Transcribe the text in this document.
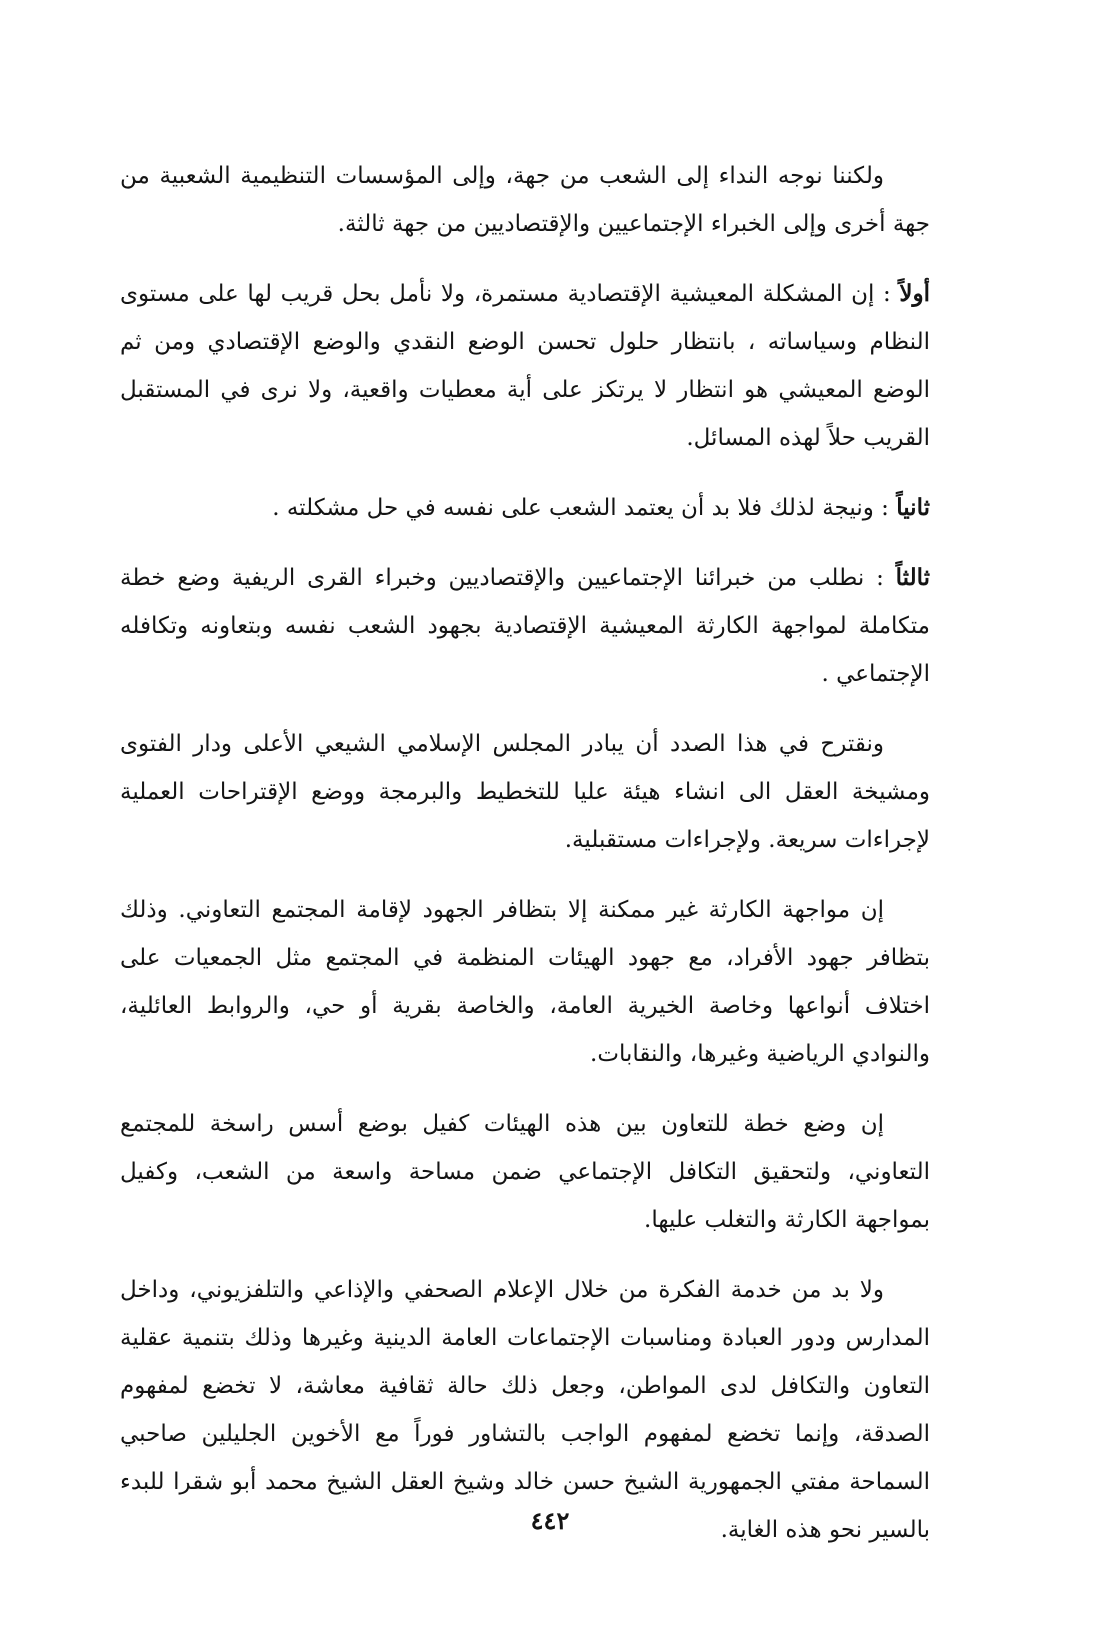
ولكننا نوجه النداء إلى الشعب من جهة، وإلى المؤسسات التنظيمية الشعبية من جهة أخرى وإلى الخبراء الإجتماعيين والإقتصاديين من جهة ثالثة.

أولاً : إن المشكلة المعيشية الإقتصادية مستمرة، ولا نأمل بحل قريب لها على مستوى النظام وسياساته ، بانتظار حلول تحسن الوضع النقدي والوضع الإقتصادي ومن ثم الوضع المعيشي هو انتظار لا يرتكز على أية معطيات واقعية، ولا نرى في المستقبل القريب حلاً لهذه المسائل.

ثانياً : ونيجة لذلك فلا بد أن يعتمد الشعب على نفسه في حل مشكلته .

ثالثاً : نطلب من خبرائنا الإجتماعيين والإقتصاديين وخبراء القرى الريفية وضع خطة متكاملة لمواجهة الكارثة المعيشية الإقتصادية بجهود الشعب نفسه وبتعاونه وتكافله الإجتماعي .

ونقترح في هذا الصدد أن يبادر المجلس الإسلامي الشيعي الأعلى ودار الفتوى ومشيخة العقل الى انشاء هيئة عليا للتخطيط والبرمجة ووضع الإقتراحات العملية لإجراءات سريعة. ولإجراءات مستقبلية.

إن مواجهة الكارثة غير ممكنة إلا بتظافر الجهود لإقامة المجتمع التعاوني. وذلك بتظافر جهود الأفراد، مع جهود الهيئات المنظمة في المجتمع مثل الجمعيات على اختلاف أنواعها وخاصة الخيرية العامة، والخاصة بقرية أو حي، والروابط العائلية، والنوادي الرياضية وغيرها، والنقابات.

إن وضع خطة للتعاون بين هذه الهيئات كفيل بوضع أسس راسخة للمجتمع التعاوني، ولتحقيق التكافل الإجتماعي ضمن مساحة واسعة من الشعب، وكفيل بمواجهة الكارثة والتغلب عليها.

ولا بد من خدمة الفكرة من خلال الإعلام الصحفي والإذاعي والتلفزيوني، وداخل المدارس ودور العبادة ومناسبات الإجتماعات العامة الدينية وغيرها وذلك بتنمية عقلية التعاون والتكافل لدى المواطن، وجعل ذلك حالة ثقافية معاشة، لا تخضع لمفهوم الصدقة، وإنما تخضع لمفهوم الواجب بالتشاور فوراً مع الأخوين الجليلين صاحبي السماحة مفتي الجمهورية الشيخ حسن خالد وشيخ العقل الشيخ محمد أبو شقرا للبدء بالسير نحو هذه الغاية.

٤٤٢
